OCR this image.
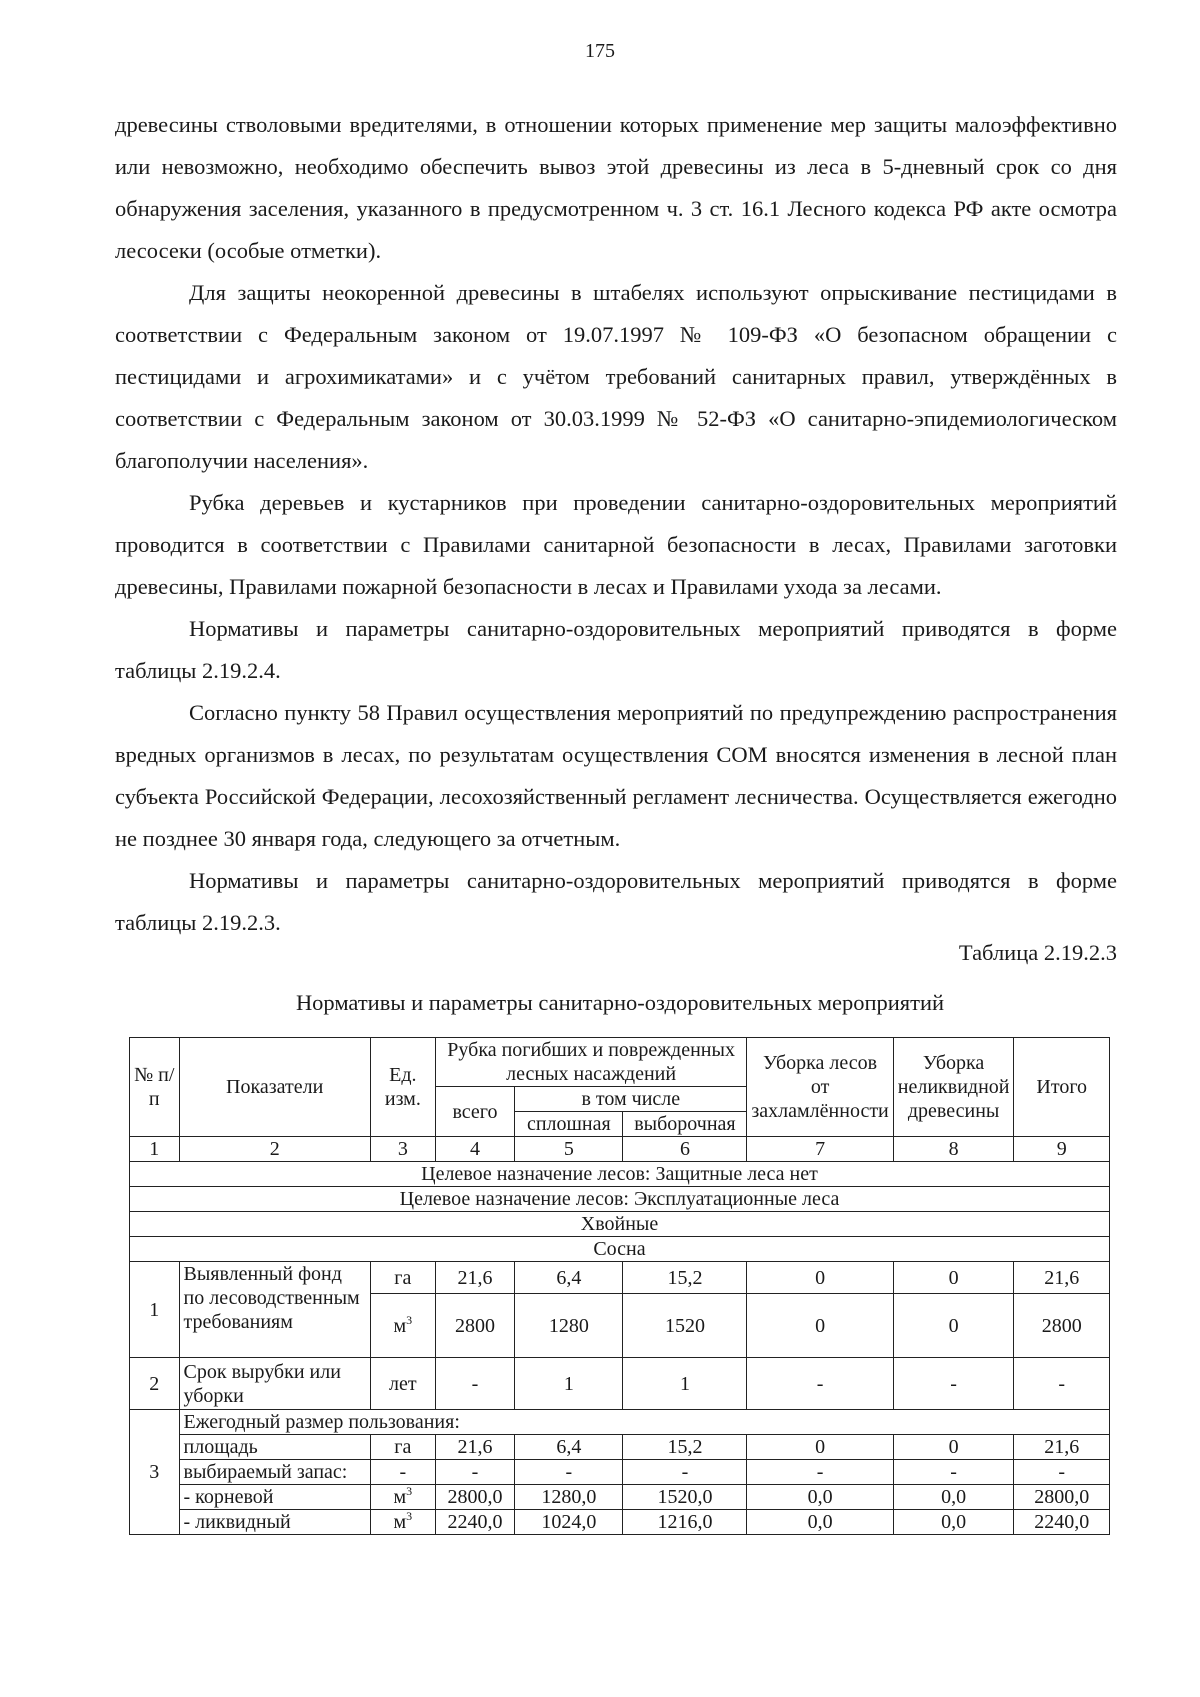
175

древесины стволовыми вредителями, в отношении которых применение мер защиты малоэффективно или невозможно, необходимо обеспечить вывоз этой древесины из леса в 5-дневный срок со дня обнаружения заселения, указанного в предусмотренном ч. 3 ст. 16.1 Лесного кодекса РФ акте осмотра лесосеки (особые отметки).

Для защиты неокоренной древесины в штабелях используют опрыскивание пестицидами в соответствии с Федеральным законом от 19.07.1997 № 109-ФЗ «О безопасном обращении с пестицидами и агрохимикатами» и с учётом требований санитарных правил, утверждённых в соответствии с Федеральным законом от 30.03.1999 № 52-ФЗ «О санитарно-эпидемиологическом благополучии населения».

Рубка деревьев и кустарников при проведении санитарно-оздоровительных мероприятий проводится в соответствии с Правилами санитарной безопасности в лесах, Правилами заготовки древесины, Правилами пожарной безопасности в лесах и Правилами ухода за лесами.

Нормативы и параметры санитарно-оздоровительных мероприятий приводятся в форме таблицы 2.19.2.4.

Согласно пункту 58 Правил осуществления мероприятий по предупреждению распространения вредных организмов в лесах, по результатам осуществления СОМ вносятся изменения в лесной план субъекта Российской Федерации, лесохозяйственный регламент лесничества. Осуществляется ежегодно не позднее 30 января года, следующего за отчетным.

Нормативы и параметры санитарно-оздоровительных мероприятий приводятся в форме таблицы 2.19.2.3.

Таблица 2.19.2.3
Нормативы и параметры санитарно-оздоровительных мероприятий
№ п/п	Показатели	Ед. изм.	Рубка погибших и поврежденных лесных насаждений			Уборка лесов от захламлённости	Уборка неликвидной древесины	Итого
			всего	в том числе				
				сплошная	выборочная			

1	2	3	4	5	6	7	8	9
Целевое назначение лесов: Защитные леса нет								
Целевое назначение лесов: Эксплуатационные леса								
Хвойные								
Сосна								
1	Выявленный фонд по лесоводственным требованиям	га	21,6	6,4	15,2	0	0	21,6
		$м^3$	2800	1280	1520	0	0	2800
2	Срок вырубки или уборки	лет	-	1	1	-	-	-
3	Ежегодный размер пользования:							
	площадь	га	21,6	6,4	15,2	0	0	21,6
	выбираемый запас:	-	-	-	-	-	-	-
	- корневой	$м^3$	2800,0	1280,0	1520,0	0,0	0,0	2800,0
	- ликвидный	$м^3$	2240,0	1024,0	1216,0	0,0	0,0	2240,0
